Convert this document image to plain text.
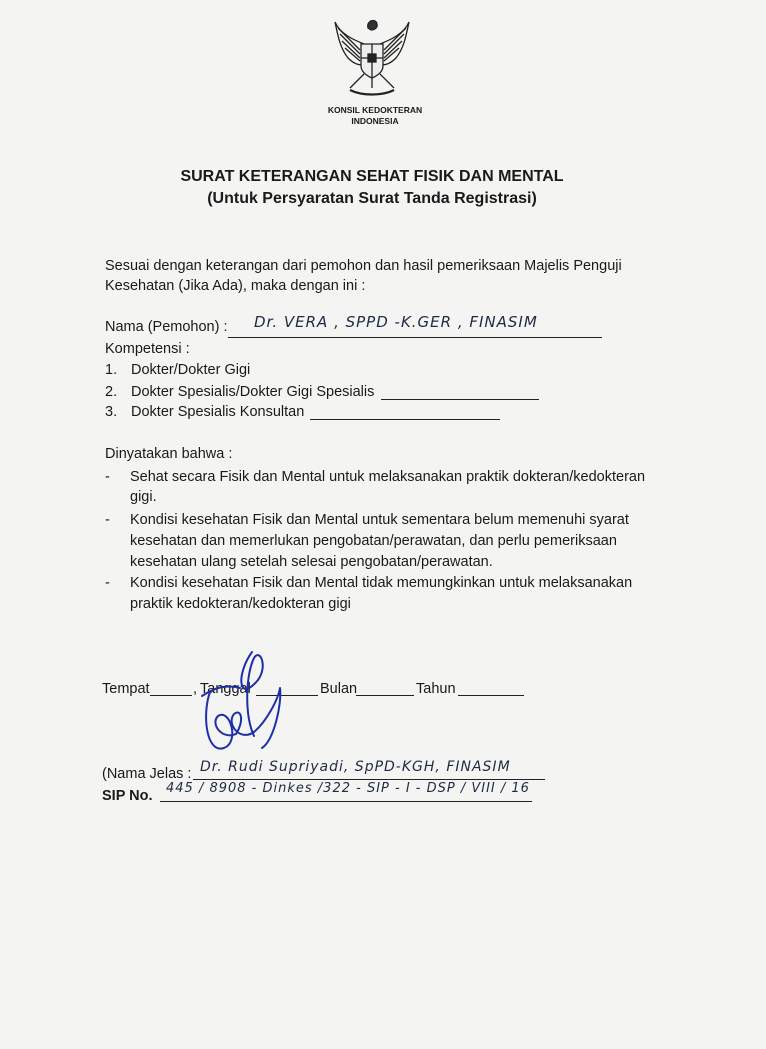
KONSIL KEDOKTERAN
INDONESIA
SURAT KETERANGAN SEHAT FISIK DAN MENTAL
(Untuk Persyaratan Surat Tanda Registrasi)
Sesuai dengan keterangan dari pemohon dan hasil pemeriksaan Majelis Penguji
Kesehatan (Jika Ada), maka dengan ini :
Nama (Pemohon) : Dr. VERA , SPPD -K.GER , FINASIM
Kompetensi :
1. Dokter/Dokter Gigi
2. Dokter Spesialis/Dokter Gigi Spesialis
3. Dokter Spesialis Konsultan
Dinyatakan bahwa :
- Sehat secara Fisik dan Mental untuk melaksanakan praktik dokteran/kedokteran
gigi.
- Kondisi kesehatan Fisik dan Mental untuk sementara belum memenuhi syarat
kesehatan dan memerlukan pengobatan/perawatan, dan perlu pemeriksaan
kesehatan ulang setelah selesai pengobatan/perawatan.
- Kondisi kesehatan Fisik dan Mental tidak memungkinkan untuk melaksanakan
praktik kedokteran/kedokteran gigi
Tempat	, Tanggal	Bulan	Tahun
(Nama Jelas : Dr. Rudi Supriyadi, SpPD-KGH, FINASIM
SIP No. 445 / 8908 - Dinkes /322 - SIP - I - DSP / VIII / 16
